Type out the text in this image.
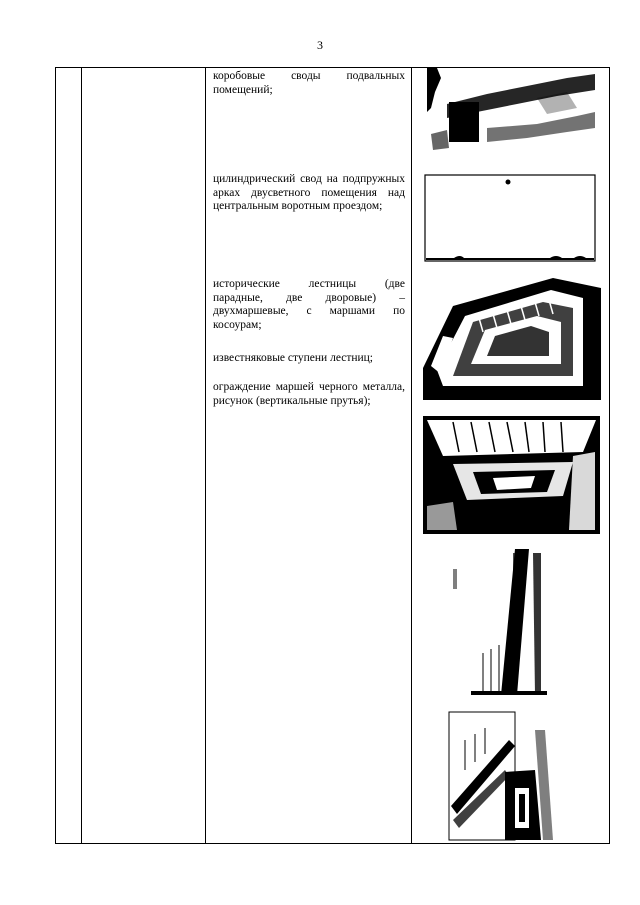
3
коробовые своды подвальных помещений;
цилиндрический свод на подпружных арках двусветного помещения над центральным воротным проездом;
исторические лестницы (две парадные, две дворовые) – двухмаршевые, с маршами по косоурам;
известняковые ступени лестниц;
ограждение маршей черного металла, рисунок (вертикальные прутья);
